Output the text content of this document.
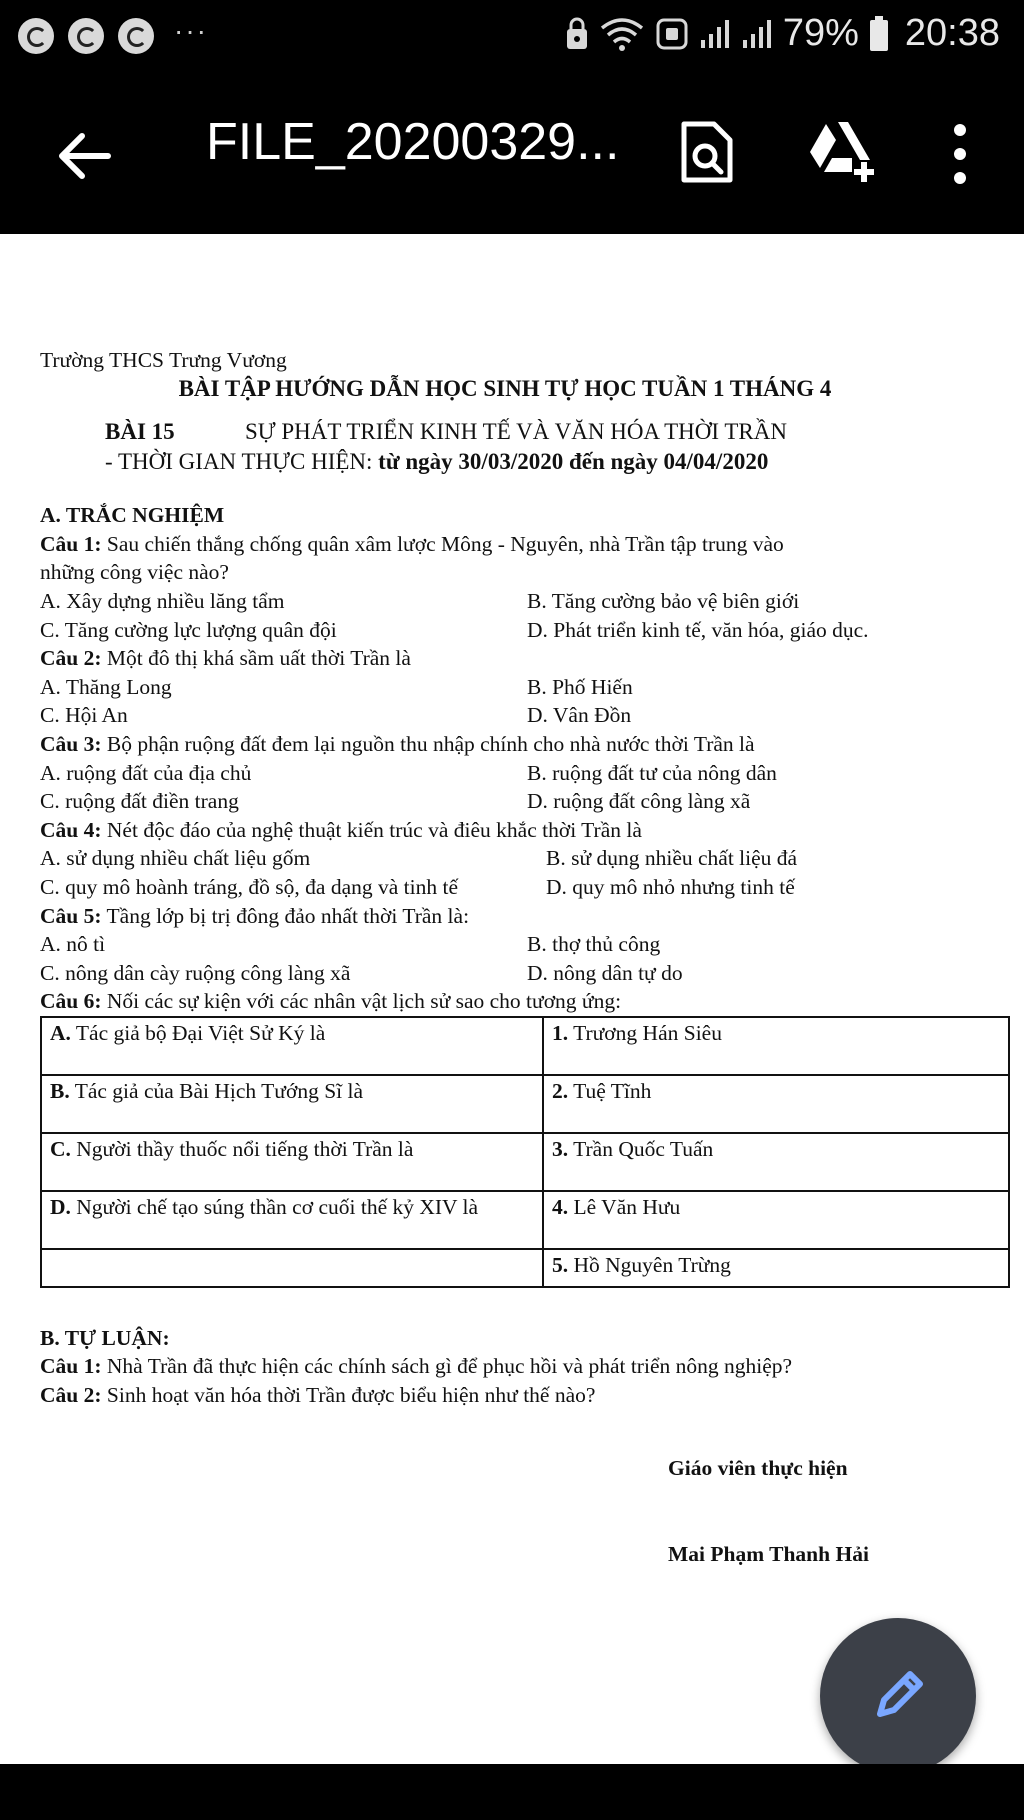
···	79% 20:38
FILE_20200329...
Trường THCS Trưng Vương
BÀI TẬP HƯỚNG DẪN HỌC SINH TỰ HỌC TUẦN 1 THÁNG 4
BÀI 15	SỰ PHÁT TRIỂN KINH TẾ VÀ VĂN HÓA THỜI TRẦN
- THỜI GIAN THỰC HIỆN: từ ngày 30/03/2020 đến ngày 04/04/2020
A. TRẮC NGHIỆM
Câu 1: Sau chiến thắng chống quân xâm lược Mông - Nguyên, nhà Trần tập trung vào
những công việc nào?
A. Xây dựng nhiều lăng tẩm	B. Tăng cường bảo vệ biên giới
C. Tăng cường lực lượng quân đội	D. Phát triển kinh tế, văn hóa, giáo dục.
Câu 2: Một đô thị khá sầm uất thời Trần là
A. Thăng Long	B. Phố Hiến
C. Hội An	D. Vân Đồn
Câu 3: Bộ phận ruộng đất đem lại nguồn thu nhập chính cho nhà nước thời Trần là
A. ruộng đất của địa chủ	B. ruộng đất tư của nông dân
C. ruộng đất điền trang	D. ruộng đất công làng xã
Câu 4: Nét độc đáo của nghệ thuật kiến trúc và điêu khắc thời Trần là
A. sử dụng nhiều chất liệu gốm	B. sử dụng nhiều chất liệu đá
C. quy mô hoành tráng, đồ sộ, đa dạng và tinh tế	D. quy mô nhỏ nhưng tinh tế
Câu 5: Tầng lớp bị trị đông đảo nhất thời Trần là:
A. nô tì	B. thợ thủ công
C. nông dân cày ruộng công làng xã	D. nông dân tự do
Câu 6: Nối các sự kiện với các nhân vật lịch sử sao cho tương ứng:
A. Tác giả bộ Đại Việt Sử Ký là	1. Trương Hán Siêu
B. Tác giả của Bài Hịch Tướng Sĩ là	2. Tuệ Tĩnh
C. Người thầy thuốc nổi tiếng thời Trần là	3. Trần Quốc Tuấn
D. Người chế tạo súng thần cơ cuối thế kỷ XIV là	4. Lê Văn Hưu
	5. Hồ Nguyên Trừng
B. TỰ LUẬN:
Câu 1: Nhà Trần đã thực hiện các chính sách gì để phục hồi và phát triển nông nghiệp?
Câu 2: Sinh hoạt văn hóa thời Trần được biểu hiện như thế nào?
Giáo viên thực hiện
Mai Phạm Thanh Hải
